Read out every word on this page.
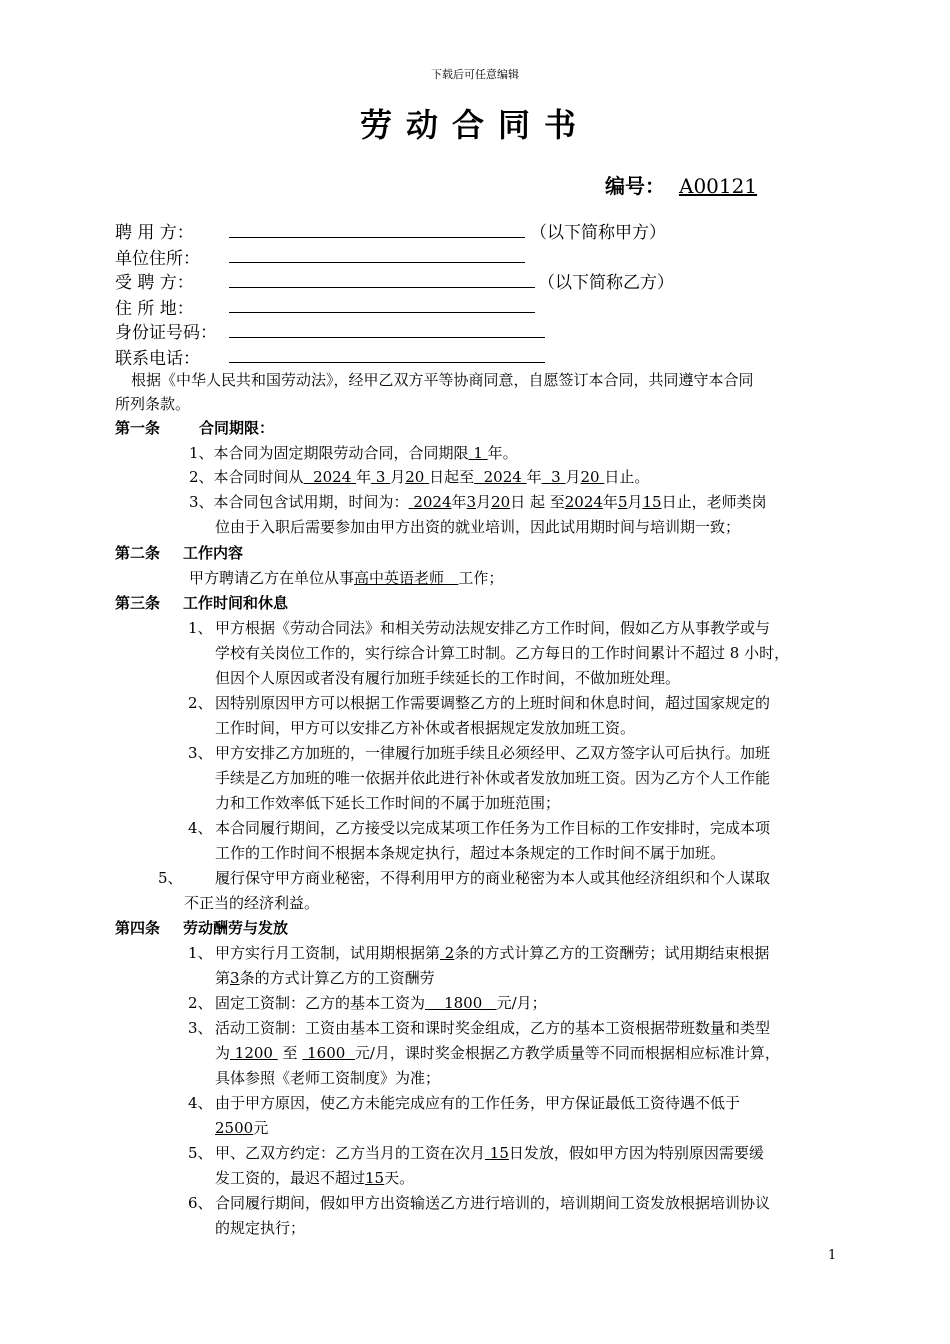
下载后可任意编辑
劳动合同书
编号： A00121
聘 用 方：	（以下简称甲方）
单位住所：
受 聘 方：	（以下简称乙方）
住 所 地：
身份证号码：
联系电话：
根据《中华人民共和国劳动法》，经甲乙双方平等协商同意，自愿签订本合同，共同遵守本合同
所列条款。
第一条	合同期限：
1、本合同为固定期限劳动合同，合同期限 1 年。
2、本合同时间从 2024 年 3 月20 日起至 2024 年 3 月20 日止。
3、本合同包含试用期，时间为： 2024年3月20日 起 至2024年5月15日止，老师类岗
位由于入职后需要参加由甲方出资的就业培训，因此试用期时间与培训期一致；
第二条 工作内容
甲方聘请乙方在单位从事高中英语老师 工作；
第三条 工作时间和休息
1、 甲方根据《劳动合同法》和相关劳动法规安排乙方工作时间，假如乙方从事教学或与
学校有关岗位工作的，实行综合计算工时制。乙方每日的工作时间累计不超过 8 小时，
但因个人原因或者没有履行加班手续延长的工作时间，不做加班处理。
2、 因特别原因甲方可以根据工作需要调整乙方的上班时间和休息时间，超过国家规定的
工作时间，甲方可以安排乙方补休或者根据规定发放加班工资。
3、 甲方安排乙方加班的，一律履行加班手续且必须经甲、乙双方签字认可后执行。加班
手续是乙方加班的唯一依据并依此进行补休或者发放加班工资。因为乙方个人工作能
力和工作效率低下延长工作时间的不属于加班范围；
4、 本合同履行期间，乙方接受以完成某项工作任务为工作目标的工作安排时，完成本项
工作的工作时间不根据本条规定执行，超过本条规定的工作时间不属于加班。
5、 履行保守甲方商业秘密，不得利用甲方的商业秘密为本人或其他经济组织和个人谋取
不正当的经济利益。
第四条 劳动酬劳与发放
1、 甲方实行月工资制，试用期根据第 2条的方式计算乙方的工资酬劳；试用期结束根据
第3条的方式计算乙方的工资酬劳
2、 固定工资制：乙方的基本工资为 1800 元/月；
3、 活动工资制：工资由基本工资和课时奖金组成，乙方的基本工资根据带班数量和类型
为 1200 至 1600 元/月，课时奖金根据乙方教学质量等不同而根据相应标准计算，
具体参照《老师工资制度》为准；
4、 由于甲方原因，使乙方未能完成应有的工作任务，甲方保证最低工资待遇不低于
2500元
5、 甲、乙双方约定：乙方当月的工资在次月 15日发放，假如甲方因为特别原因需要缓
发工资的，最迟不超过15天。
6、 合同履行期间，假如甲方出资输送乙方进行培训的，培训期间工资发放根据培训协议
的规定执行；
1
